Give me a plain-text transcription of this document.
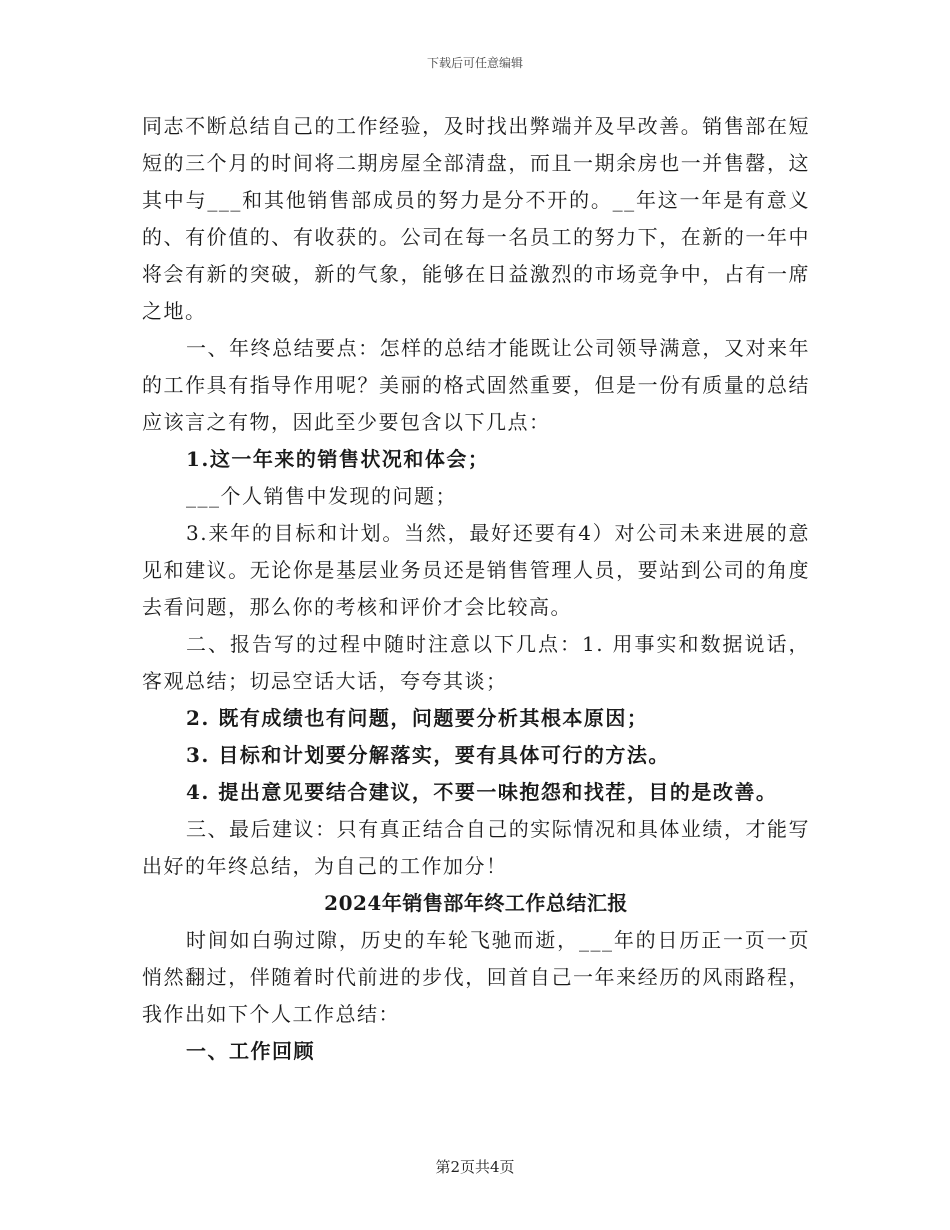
下载后可任意编辑

同志不断总结自己的工作经验，及时找出弊端并及早改善。销售部在短短的三个月的时间将二期房屋全部清盘，而且一期余房也一并售罄，这其中与___和其他销售部成员的努力是分不开的。__年这一年是有意义的、有价值的、有收获的。公司在每一名员工的努力下，在新的一年中将会有新的突破，新的气象，能够在日益激烈的市场竞争中，占有一席之地。

一、年终总结要点：怎样的总结才能既让公司领导满意，又对来年的工作具有指导作用呢？美丽的格式固然重要，但是一份有质量的总结应该言之有物，因此至少要包含以下几点：

1.这一年来的销售状况和体会；

___个人销售中发现的问题；

3.来年的目标和计划。当然，最好还要有4）对公司未来进展的意见和建议。无论你是基层业务员还是销售管理人员，要站到公司的角度去看问题，那么你的考核和评价才会比较高。

二、报告写的过程中随时注意以下几点：1. 用事实和数据说话，客观总结；切忌空话大话，夸夸其谈；

2. 既有成绩也有问题，问题要分析其根本原因；

3. 目标和计划要分解落实，要有具体可行的方法。

4. 提出意见要结合建议，不要一味抱怨和找茬，目的是改善。

三、最后建议：只有真正结合自己的实际情况和具体业绩，才能写出好的年终总结，为自己的工作加分！

2024年销售部年终工作总结汇报

时间如白驹过隙，历史的车轮飞驰而逝，___年的日历正一页一页悄然翻过，伴随着时代前进的步伐，回首自己一年来经历的风雨路程，我作出如下个人工作总结：

一、工作回顾

第2页共4页
